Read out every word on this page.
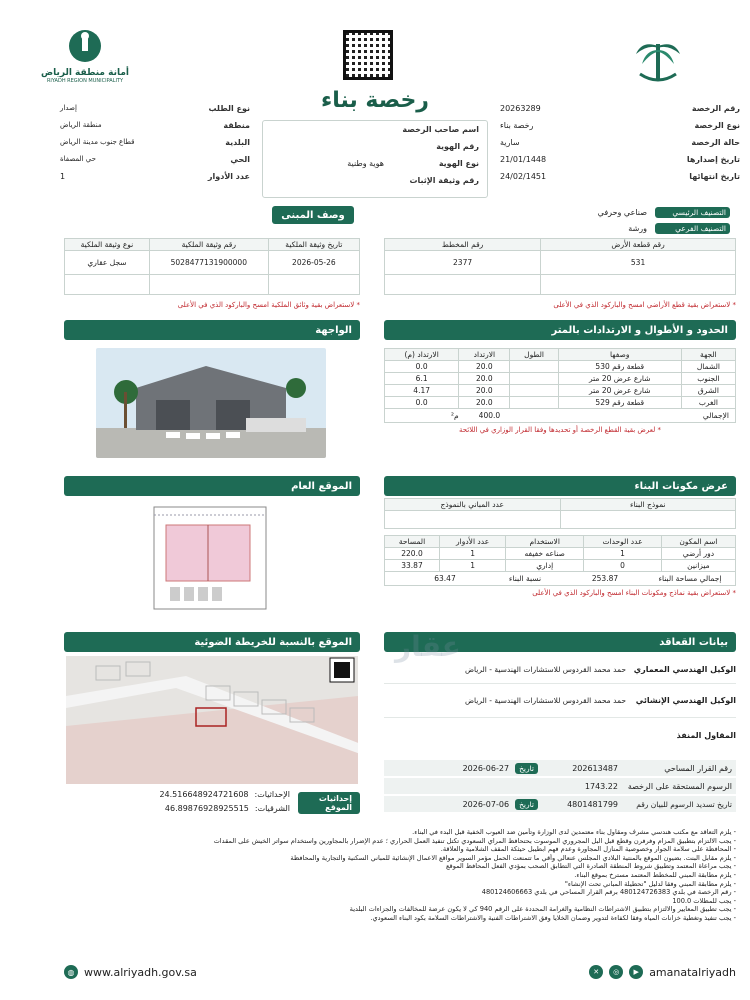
أمانة منطقة الرياض
RIYADH REGION MUNICIPALITY
رخصة بناء	رقم الرخصة
20263289
نوع الرخصة
رخصة بناء
حالة الرخصة
سارية
تاريخ إصدارها
21/01/1448
تاريخ انتهائها
24/02/1451
اسم صاحب الرخصة
رقم الهوية
نوع الهوية
هوية وطنية
رقم وثيقة الإثبات
نوع الطلب
إصدار
منطقة
منطقة الرياض
البلدية
قطاع جنوب مدينة الرياض
الحي
حي المصفاة
عدد الأدوار
1
التصنيف الرئيسي
صناعي وحرفي
التصنيف الفرعي
ورشة
وصف المبنى
رقم قطعة الأرض	رقم المخطط
531	2377

* لاستعراض بقية قطع الأراضي امسح والباركود الذي في الأعلى
تاريخ وثيقة الملكية	رقم وثيقة الملكية	نوع وثيقة الملكية
2026-05-26	5028477131900000	سجل عقاري

* لاستعراض بقية وثائق الملكية امسح والباركود الذي في الأعلى
الحدود و الأطوال و الارتدادات بالمتر
الواجهة
الجهة	وصفها	الطول	الارتداد	الارتداد (م)
الشمال	قطعة رقم 530		20.0	0.0
الجنوب	شارع عرض 20 متر		20.0	6.1
الشرق	شارع عرض 20 متر		20.0	4.17
الغرب	قطعة رقم 529		20.0	0.0
الإجمالي
400.0
م²
* لعرض بقية القطع الرخصة أو تحديدها وفقا القرار الوزاري في اللائحة
عرض مكونات البناء
الموقع العام
نموذج البناء	عدد المباني بالنموذج

اسم المكون	عدد الوحدات	الاستخدام	عدد الأدوار	المساحة
دور أرضي	1	صناعه خفيفه	1	220.0
ميزانين	0	إداري	1	33.87
إجمالي مساحة البناء
253.87
نسبة البناء
63.47
* لاستعراض بقية نماذج ومكونات البناء امسح والباركود الذي في الأعلى
بيانات القعاقد
الموقع بالنسبة للخريطة الضوئية
الوكيل الهندسي المعماري
حمد محمد القردوس للاستشارات الهندسية - الرياض
الوكيل الهندسي الإنشائي
حمد محمد القردوس للاستشارات الهندسية - الرياض
المقاول المنفذ
رقم القرار المساحي
202613487
تاريخ
2026-06-27
الرسوم المستحقة على الرخصة
1743.22
تاريخ تسديد الرسوم للبيان رقم
4801481799
تاريخ
2026-07-06
إحداثيات الموقع
الإحداثيات:
24.516648924721608
الشرقيات:
46.89876928925515
- يلزم التعاقد مع مكتب هندسي مشرف ومقاول بناء معتمدين لدى الوزارة وتأمين ضد العيوب الخفية قبل البدء في البناء.
- يجب الالتزام بتطبيق المزام وفرفرن وقطع قبل البل المجروري الموسوت بحتحافظ المراي السعودي تكتل تنفيذ العمل الحراري ؛ عدم الإضرار بالمجاورين واستخدام سواتر الخيش على المقدات
- المحافظة على سلامة الجوار وخصوصية المنازل المجاورة وعدم فهم ابطيبل حيثكة المقف الشلامية والعلاقة.
- يلزم مقابل البنت. بضيون الموقع بالمنتية البلادي المجلس عنعالي وأقي ما تتمنعت الحمل مؤمر السوير مواقع الاعمال الإنشائية للمباني السكنية والتجارية والمحافظة
- يجب مراعاة المعتمد وتطبيق شروط المنطقة الصادرة التي التطابق الصحب بمؤدي الفعل المحافظ الموقع
- يلزم مطابقة المبني للمخطط المعتمد مسترخ بموقع البناء.
- يلزم مطابقة المبني وفقا لدليل "تحطيلة المباني تحت الإنشاء"
- رقم الرخصة في بلدي 480124726383 برقم القرار المساحي في بلدي 480124606663
- يجب للمظلات 100.0
- يجب تطبيق المعايير والالتزام بتطبيق الاشتراطات النظامية والغرامة المحددة على الرقم 940 كي لا يكون عرضة للمخالفات والجزاءات البلدية
- يجب تنفيذ وتغطية خزانات المياه وفقا لكفاءة لتدوير وضمان الخلايا وفق الاشتراطات الفنية والاشتراطات السلامة بكود البناء السعودي.
عقار
amanatalriyadh
▶
◎
✕
◍ www.alriyadh.gov.sa
